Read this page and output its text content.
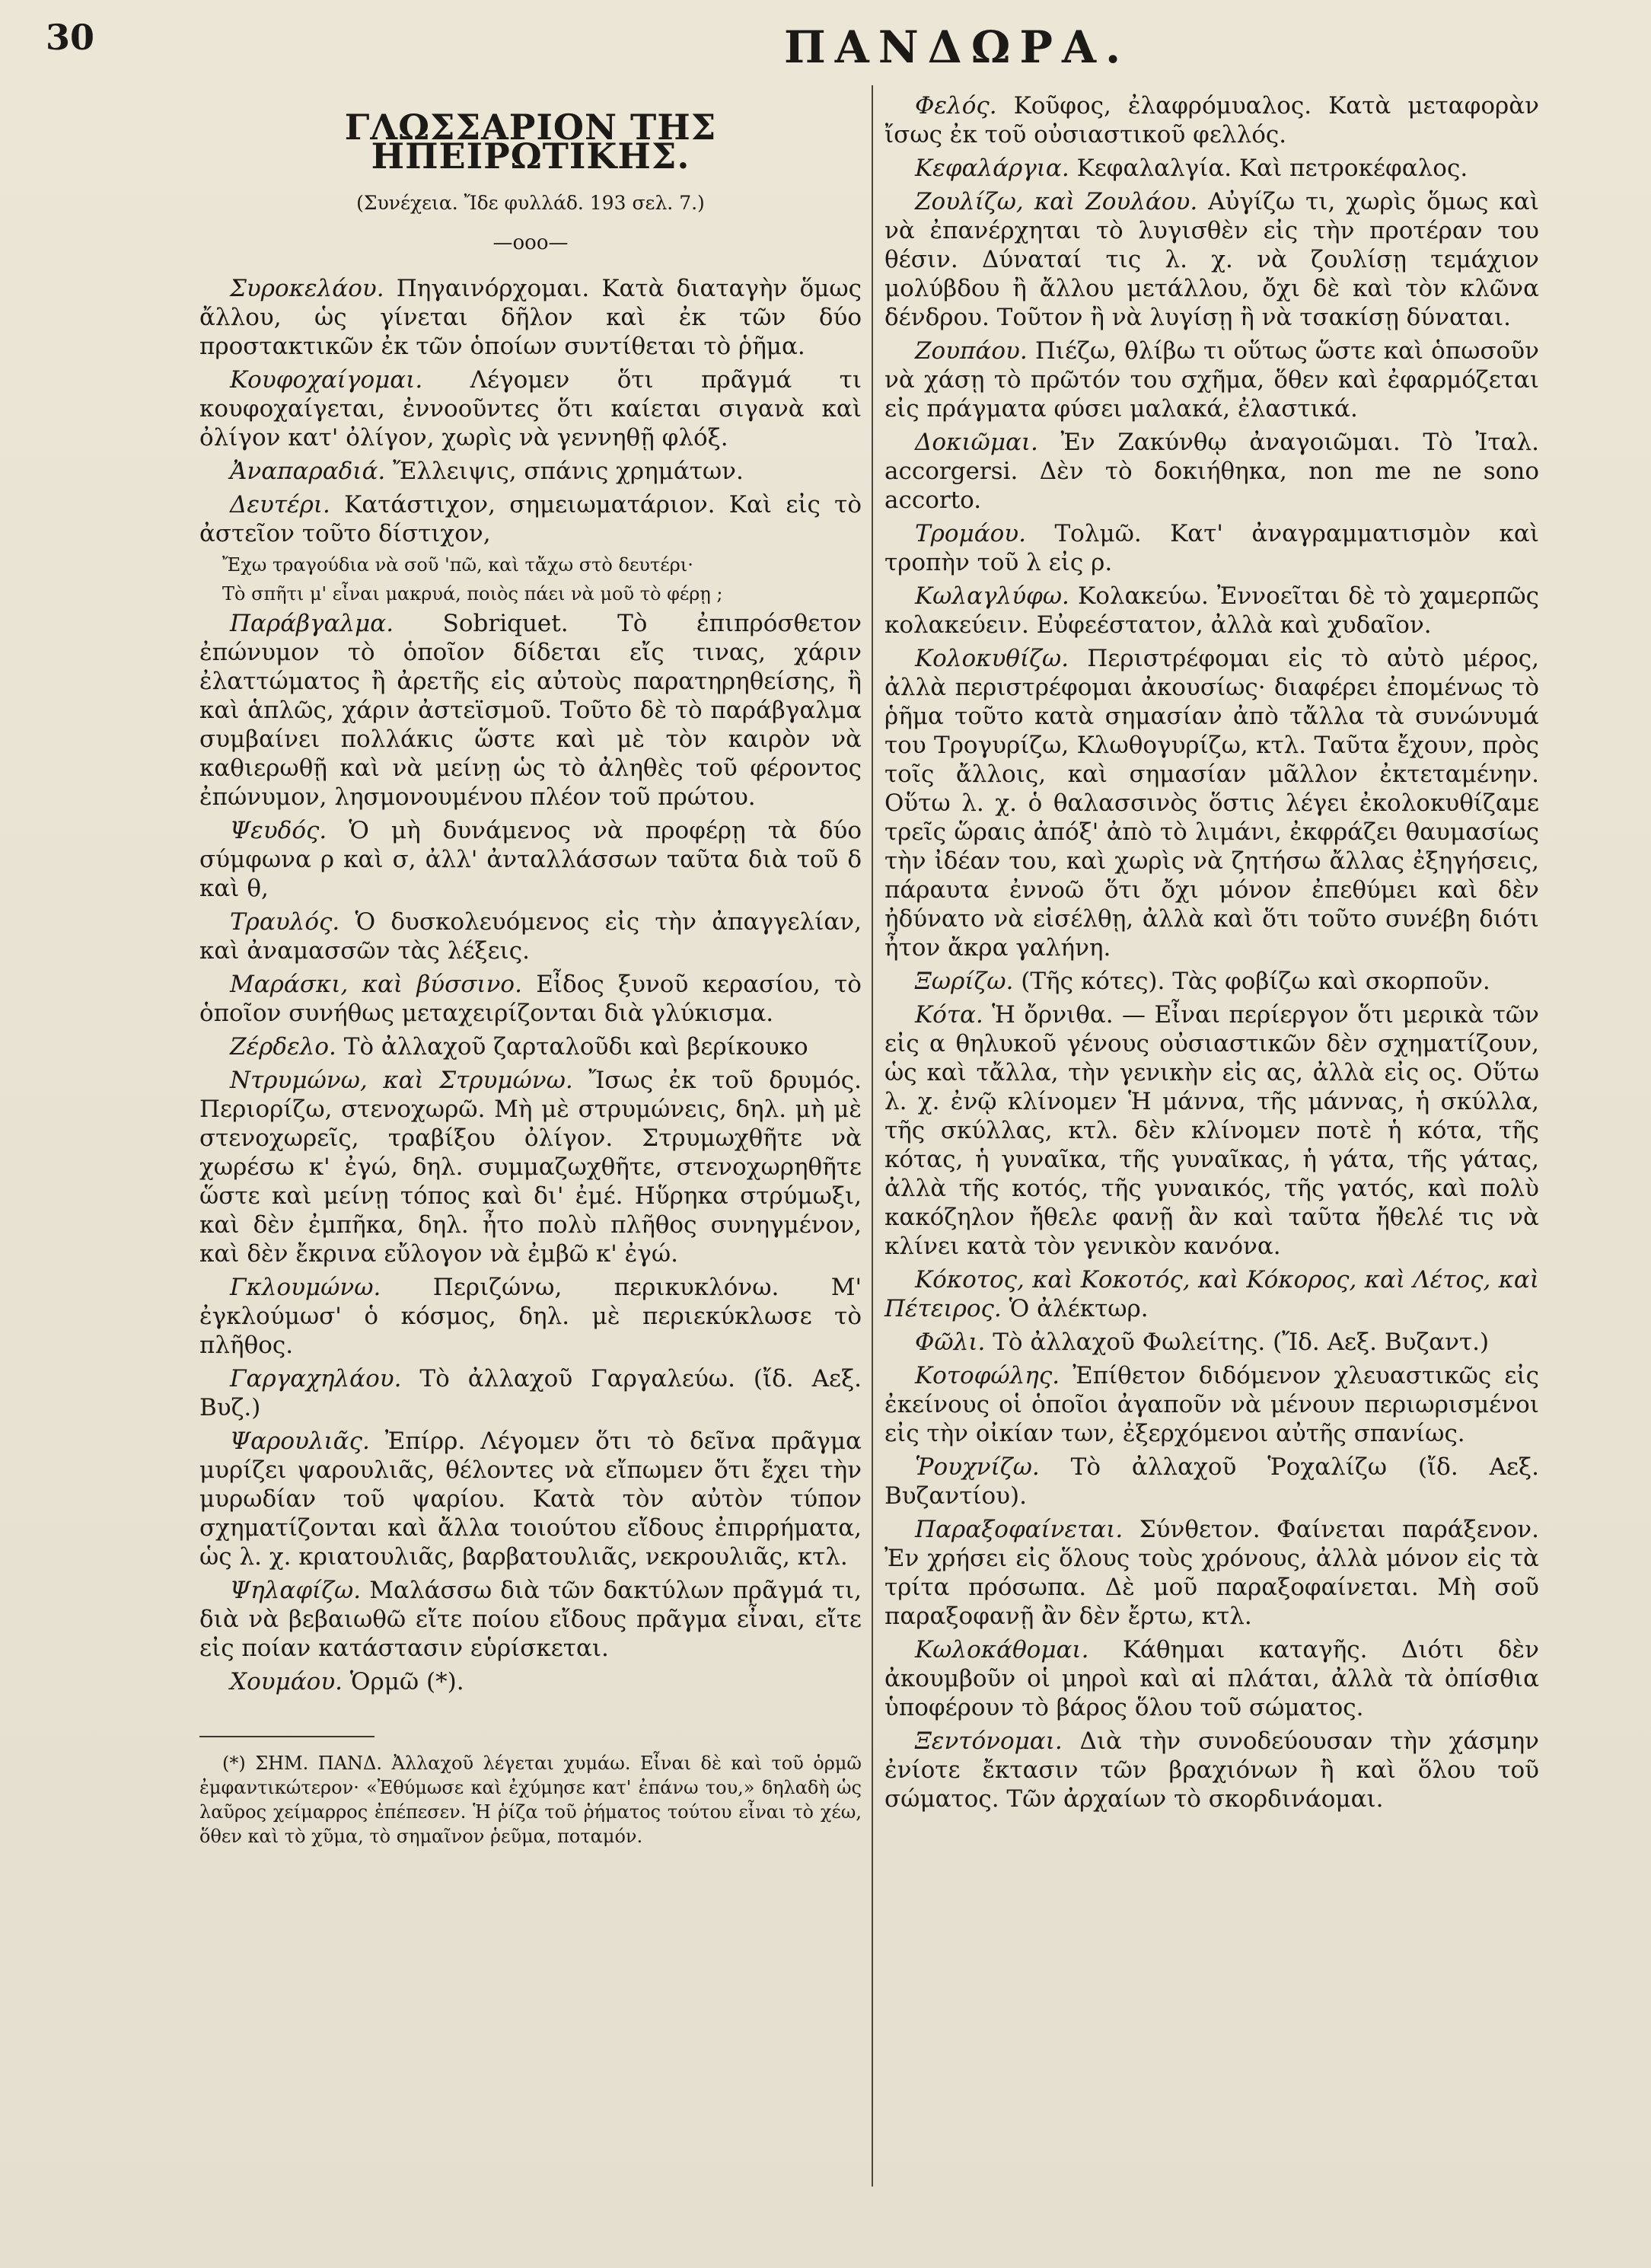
30	ΠΑΝΔΩΡΑ.
ΓΛΩΣΣΑΡΙΟΝ ΤΗΣ ΗΠΕΙΡΩΤΙΚΗΣ.
(Συνέχεια. Ἴδε φυλλάδ. 193 σελ. 7.)
—ooo—

Συροκελάου. Πηγαινόρχομαι. Κατὰ διαταγὴν ὅμως ἄλλου, ὡς γίνεται δῆλον καὶ ἐκ τῶν δύο προστακτικῶν ἐκ τῶν ὁποίων συντίθεται τὸ ῥῆμα.

Κουφοχαίγομαι. Λέγομεν ὅτι πρᾶγμά τι κουφοχαίγεται, ἐννοοῦντες ὅτι καίεται σιγανὰ καὶ ὀλίγον κατ' ὀλίγον, χωρὶς νὰ γεννηθῇ φλόξ.

Ἀναπαραδιά. Ἔλλειψις, σπάνις χρημάτων.

Δευτέρι. Κατάστιχον, σημειωματάριον. Καὶ εἰς τὸ ἀστεῖον τοῦτο δίστιχον,

Ἔχω τραγούδια νὰ σοῦ 'πῶ, καὶ τἄχω στὸ δευτέρι·

Τὸ σπῆτι μ' εἶναι μακρυά, ποιὸς πάει νὰ μοῦ τὸ φέρῃ ;

Παράβγαλμα. Sobriquet. Τὸ ἐπιπρόσθετον ἐπώνυμον τὸ ὁποῖον δίδεται εἴς τινας, χάριν ἐλαττώματος ἢ ἀρετῆς εἰς αὐτοὺς παρατηρηθείσης, ἢ καὶ ἁπλῶς, χάριν ἀστεϊσμοῦ. Τοῦτο δὲ τὸ παράβγαλμα συμβαίνει πολλάκις ὥστε καὶ μὲ τὸν καιρὸν νὰ καθιερωθῇ καὶ νὰ μείνῃ ὡς τὸ ἀληθὲς τοῦ φέροντος ἐπώνυμον, λησμονουμένου πλέον τοῦ πρώτου.

Ψευδός. Ὁ μὴ δυνάμενος νὰ προφέρῃ τὰ δύο σύμφωνα ρ καὶ σ, ἀλλ' ἀνταλλάσσων ταῦτα διὰ τοῦ δ καὶ θ,

Τραυλός. Ὁ δυσκολευόμενος εἰς τὴν ἀπαγγελίαν, καὶ ἀναμασσῶν τὰς λέξεις.

Μαράσκι, καὶ βύσσινο. Εἶδος ξυνοῦ κερασίου, τὸ ὁποῖον συνήθως μεταχειρίζονται διὰ γλύκισμα.

Ζέρδελο. Τὸ ἀλλαχοῦ ζαρταλοῦδι καὶ βερίκουκο

Ντρυμώνω, καὶ Στρυμώνω. Ἴσως ἐκ τοῦ δρυμός. Περιορίζω, στενοχωρῶ. Μὴ μὲ στρυμώνεις, δηλ. μὴ μὲ στενοχωρεῖς, τραβίξου ὀλίγον. Στρυμωχθῆτε νὰ χωρέσω κ' ἐγώ, δηλ. συμμαζωχθῆτε, στενοχωρηθῆτε ὥστε καὶ μείνῃ τόπος καὶ δι' ἐμέ. Ηὕρηκα στρύμωξι, καὶ δὲν ἐμπῆκα, δηλ. ἦτο πολὺ πλῆθος συνηγμένον, καὶ δὲν ἔκρινα εὔλογον νὰ ἐμβῶ κ' ἐγώ.

Γκλουμώνω. Περιζώνω, περικυκλόνω. Μ' ἐγκλούμωσ' ὁ κόσμος, δηλ. μὲ περιεκύκλωσε τὸ πλῆθος.

Γαργαχηλάου. Τὸ ἀλλαχοῦ Γαργαλεύω. (ἴδ. Αεξ. Βυζ.)

Ψαρουλιᾶς. Ἐπίρρ. Λέγομεν ὅτι τὸ δεῖνα πρᾶγμα μυρίζει ψαρουλιᾶς, θέλοντες νὰ εἴπωμεν ὅτι ἔχει τὴν μυρωδίαν τοῦ ψαρίου. Κατὰ τὸν αὐτὸν τύπον σχηματίζονται καὶ ἄλλα τοιούτου εἴδους ἐπιρρήματα, ὡς λ. χ. κριατουλιᾶς, βαρβατουλιᾶς, νεκρουλιᾶς, κτλ.

Ψηλαφίζω. Μαλάσσω διὰ τῶν δακτύλων πρᾶγμά τι, διὰ νὰ βεβαιωθῶ εἴτε ποίου εἴδους πρᾶγμα εἶναι, εἴτε εἰς ποίαν κατάστασιν εὑρίσκεται.

Χουμάου. Ὁρμῶ (*).

(*) ΣΗΜ. ΠΑΝΔ. Ἀλλαχοῦ λέγεται χυμάω. Εἶναι δὲ καὶ τοῦ ὁρμῶ ἐμφαντικώτερον· «Ἐθύμωσε καὶ ἐχύμησε κατ' ἐπάνω του,» δηλαδὴ ὡς λαῦρος χείμαρρος ἐπέπεσεν. Ἡ ῥίζα τοῦ ῥήματος τούτου εἶναι τὸ χέω, ὅθεν καὶ τὸ χῦμα, τὸ σημαῖνον ῥεῦμα, ποταμόν.

Φελός. Κοῦφος, ἐλαφρόμυαλος. Κατὰ μεταφορὰν ἴσως ἐκ τοῦ οὐσιαστικοῦ φελλός.

Κεφαλάργια. Κεφαλαλγία. Καὶ πετροκέφαλος.

Ζουλίζω, καὶ Ζουλάου. Αὐγίζω τι, χωρὶς ὅμως καὶ νὰ ἐπανέρχηται τὸ λυγισθὲν εἰς τὴν προτέραν του θέσιν. Δύναταί τις λ. χ. νὰ ζουλίσῃ τεμάχιον μολύβδου ἢ ἄλλου μετάλλου, ὄχι δὲ καὶ τὸν κλῶνα δένδρου. Τοῦτον ἢ νὰ λυγίσῃ ἢ νὰ τσακίσῃ δύναται.

Ζουπάου. Πιέζω, θλίβω τι οὕτως ὥστε καὶ ὁπωσοῦν νὰ χάσῃ τὸ πρῶτόν του σχῆμα, ὅθεν καὶ ἐφαρμόζεται εἰς πράγματα φύσει μαλακά, ἐλαστικά.

Δοκιῶμαι. Ἐν Ζακύνθῳ ἀναγοιῶμαι. Τὸ Ἰταλ. accorgersi. Δὲν τὸ δοκιήθηκα, non me ne sono accorto.

Τρομάου. Τολμῶ. Κατ' ἀναγραμματισμὸν καὶ τροπὴν τοῦ λ εἰς ρ.

Κωλαγλύφω. Κολακεύω. Ἐννοεῖται δὲ τὸ χαμερπῶς κολακεύειν. Εὐφεέστατον, ἀλλὰ καὶ χυδαῖον.

Κολοκυθίζω. Περιστρέφομαι εἰς τὸ αὐτὸ μέρος, ἀλλὰ περιστρέφομαι ἀκουσίως· διαφέρει ἐπομένως τὸ ῥῆμα τοῦτο κατὰ σημασίαν ἀπὸ τἄλλα τὰ συνώνυμά του Τρογυρίζω, Κλωθογυρίζω, κτλ. Ταῦτα ἔχουν, πρὸς τοῖς ἄλλοις, καὶ σημασίαν μᾶλλον ἐκτεταμένην. Οὕτω λ. χ. ὁ θαλασσινὸς ὅστις λέγει ἐκολοκυθίζαμε τρεῖς ὥραις ἀπόξ' ἀπὸ τὸ λιμάνι, ἐκφράζει θαυμασίως τὴν ἰδέαν του, καὶ χωρὶς νὰ ζητήσω ἄλλας ἐξηγήσεις, πάραυτα ἐννοῶ ὅτι ὄχι μόνον ἐπεθύμει καὶ δὲν ἠδύνατο νὰ εἰσέλθῃ, ἀλλὰ καὶ ὅτι τοῦτο συνέβη διότι ἦτον ἄκρα γαλήνη.

Ξωρίζω. (Τῆς κότες). Τὰς φοβίζω καὶ σκορποῦν.

Κότα. Ἡ ὄρνιθα. — Εἶναι περίεργον ὅτι μερικὰ τῶν εἰς α θηλυκοῦ γένους οὐσιαστικῶν δὲν σχηματίζουν, ὡς καὶ τἄλλα, τὴν γενικὴν εἰς ας, ἀλλὰ εἰς ος. Οὕτω λ. χ. ἐνῷ κλίνομεν Ἡ μάννα, τῆς μάννας, ἡ σκύλλα, τῆς σκύλλας, κτλ. δὲν κλίνομεν ποτὲ ἡ κότα, τῆς κότας, ἡ γυναῖκα, τῆς γυναῖκας, ἡ γάτα, τῆς γάτας, ἀλλὰ τῆς κοτός, τῆς γυναικός, τῆς γατός, καὶ πολὺ κακόζηλον ἤθελε φανῇ ἂν καὶ ταῦτα ἤθελέ τις νὰ κλίνει κατὰ τὸν γενικὸν κανόνα.

Κόκοτος, καὶ Κοκοτός, καὶ Κόκορος, καὶ Λέτος, καὶ Πέτειρος. Ὁ ἀλέκτωρ.

Φῶλι. Τὸ ἀλλαχοῦ Φωλείτης. (Ἴδ. Αεξ. Βυζαντ.)

Κοτοφώλης. Ἐπίθετον διδόμενον χλευαστικῶς εἰς ἐκείνους οἱ ὁποῖοι ἀγαποῦν νὰ μένουν περιωρισμένοι εἰς τὴν οἰκίαν των, ἐξερχόμενοι αὐτῆς σπανίως.

Ῥουχνίζω. Τὸ ἀλλαχοῦ Ῥοχαλίζω (ἴδ. Αεξ. Βυζαντίου).

Παραξοφαίνεται. Σύνθετον. Φαίνεται παράξενον. Ἐν χρήσει εἰς ὅλους τοὺς χρόνους, ἀλλὰ μόνον εἰς τὰ τρίτα πρόσωπα. Δὲ μοῦ παραξοφαίνεται. Μὴ σοῦ παραξοφανῇ ἂν δὲν ἔρτω, κτλ.

Κωλοκάθομαι. Κάθημαι καταγῆς. Διότι δὲν ἀκουμβοῦν οἱ μηροὶ καὶ αἱ πλάται, ἀλλὰ τὰ ὀπίσθια ὑποφέρουν τὸ βάρος ὅλου τοῦ σώματος.

Ξεντόνομαι. Διὰ τὴν συνοδεύουσαν τὴν χάσμην ἐνίοτε ἔκτασιν τῶν βραχιόνων ἢ καὶ ὅλου τοῦ σώματος. Τῶν ἀρχαίων τὸ σκορδινάομαι.
